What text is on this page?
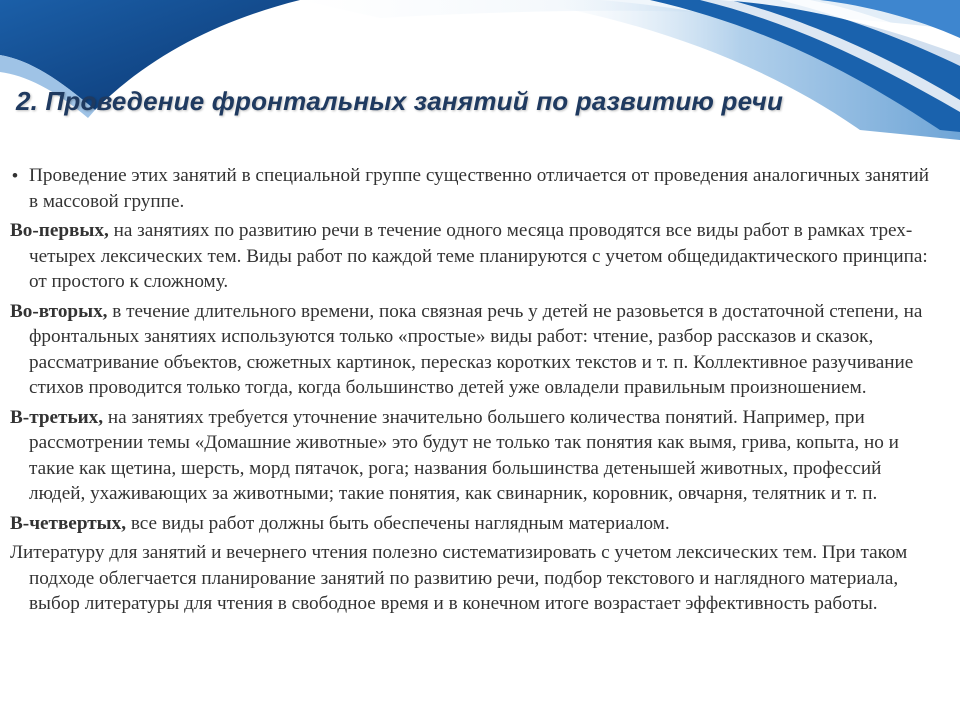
2. Проведение фронтальных занятий по развитию речи

• Проведение этих занятий в специальной группе существенно отличается от проведения аналогичных занятий в массовой группе.

Во-первых, на занятиях по развитию речи в течение одного месяца проводятся все виды работ в рамках трех-четырех лексических тем. Виды работ по каждой теме планируются с учетом общедидактического принципа: от простого к сложному.

Во-вторых, в течение длительного времени, пока связная речь у детей не разовьется в достаточной степени, на фронтальных занятиях используются только «простые» виды работ: чтение, разбор рассказов и сказок, рассматривание объектов, сюжетных картинок, пересказ коротких текстов и т. п. Коллективное разучивание стихов проводится только тогда, когда большинство детей уже овладели правильным произношением.

В-третьих, на занятиях требуется уточнение значительно большего количества понятий. Например, при рассмотрении темы «Домашние животные» это будут не только так понятия как вымя, грива, копыта, но и такие как щетина, шерсть, морд пятачок, рога; названия большинства детенышей животных, профессий людей, ухаживающих за животными; такие понятия, как свинарник, коровник, овчарня, телятник и т. п.

В-четвертых, все виды работ должны быть обеспечены наглядным материалом.

Литературу для занятий и вечернего чтения полезно систематизировать с учетом лексических тем. При таком подходе облегчается планирование занятий по развитию речи, подбор текстового и наглядного материала, выбор литературы для чтения в свободное время и в конечном итоге возрастает эффективность работы.
